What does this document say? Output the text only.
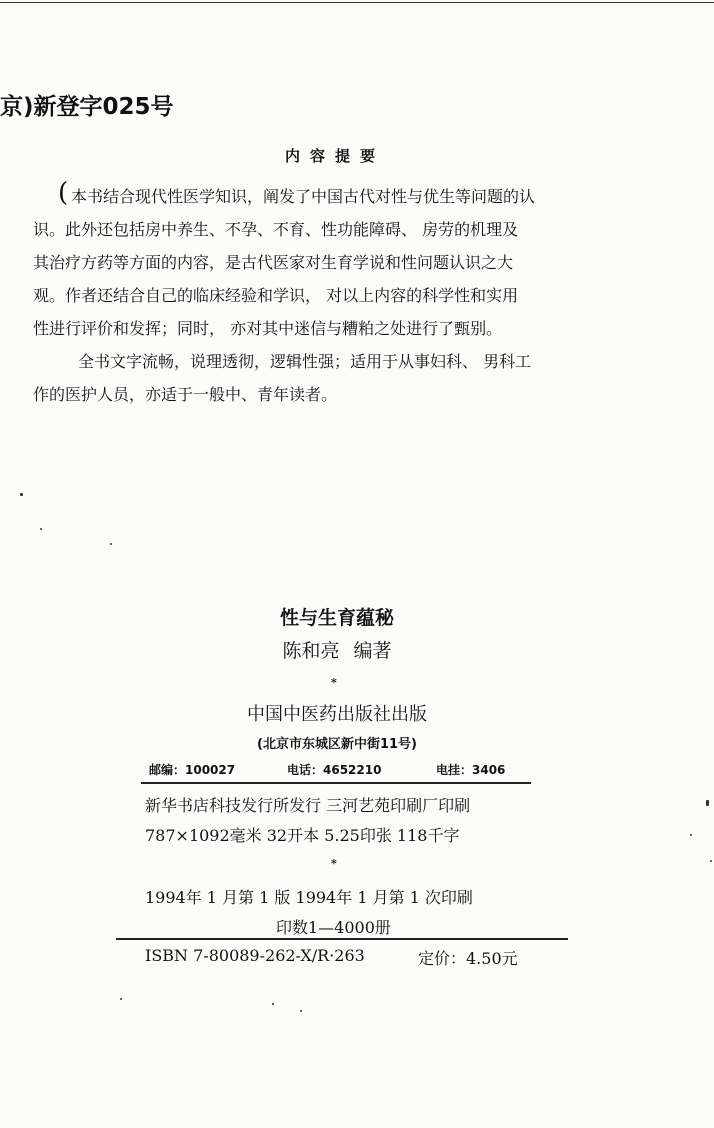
京)新登字025号
内容提要
( 本书结合现代性医学知识，阐发了中国古代对性与优生等问题的认
识。此外还包括房中养生、不孕、不育、性功能障碍、 房劳的机理及
其治疗方药等方面的内容，是古代医家对生育学说和性问题认识之大
观。作者还结合自己的临床经验和学识， 对以上内容的科学性和实用
性进行评价和发挥；同时， 亦对其中迷信与糟粕之处进行了甄别。
全书文字流畅，说理透彻，逻辑性强；适用于从事妇科、 男科工
作的医护人员，亦适于一般中、青年读者。
性与生育蕴秘
陈和亮 编著
*
中国中医药出版社出版
(北京市东城区新中街11号)
邮编：100027	电话：4652210	电挂：3406
新华书店科技发行所发行 三河艺苑印刷厂印刷
787×1092毫米 32开本 5.25印张 118千字
*
1994年 1 月第 1 版 1994年 1 月第 1 次印刷
印数1—4000册
ISBN 7-80089-262-X/R·263	定价：4.50元
